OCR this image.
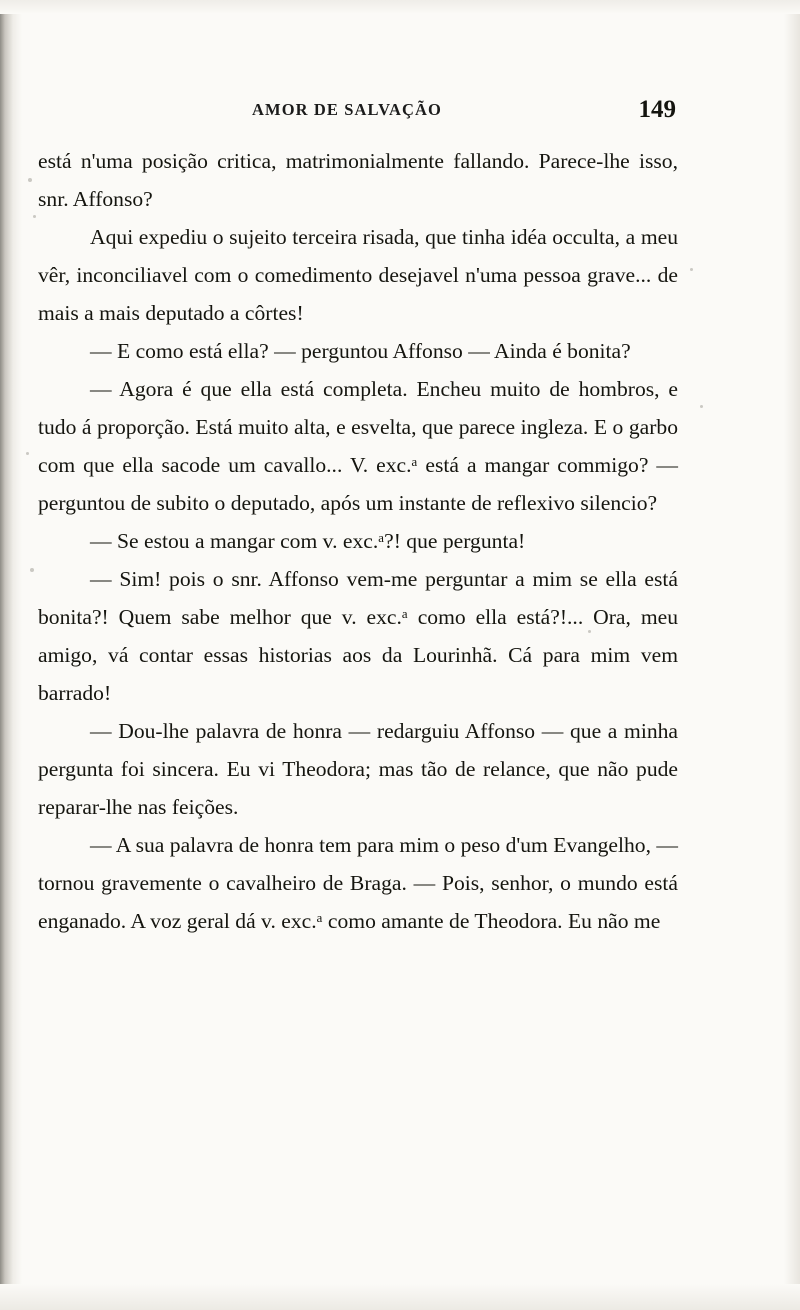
AMOR DE SALVAÇÃO	149

está n'uma posição critica, matrimonialmente fallando. Parece-lhe isso, snr. Affonso?

Aqui expediu o sujeito terceira risada, que tinha idéa occulta, a meu vêr, inconciliavel com o comedimento desejavel n'uma pessoa grave... de mais a mais deputado a côrtes!

— E como está ella? — perguntou Affonso — Ainda é bonita?

— Agora é que ella está completa. Encheu muito de hombros, e tudo á proporção. Está muito alta, e esvelta, que parece ingleza. E o garbo com que ella sacode um cavallo... V. exc.ᵃ está a mangar commigo? — perguntou de subito o deputado, após um instante de reflexivo silencio?

— Se estou a mangar com v. exc.ᵃ?! que pergunta!

— Sim! pois o snr. Affonso vem-me perguntar a mim se ella está bonita?! Quem sabe melhor que v. exc.ᵃ como ella está?!... Ora, meu amigo, vá contar essas historias aos da Lourinhã. Cá para mim vem barrado!

— Dou-lhe palavra de honra — redarguiu Affonso — que a minha pergunta foi sincera. Eu vi Theodora; mas tão de relance, que não pude reparar-lhe nas feições.

— A sua palavra de honra tem para mim o peso d'um Evangelho, — tornou gravemente o cavalheiro de Braga. — Pois, senhor, o mundo está enganado. A voz geral dá v. exc.ᵃ como amante de Theodora. Eu não me
